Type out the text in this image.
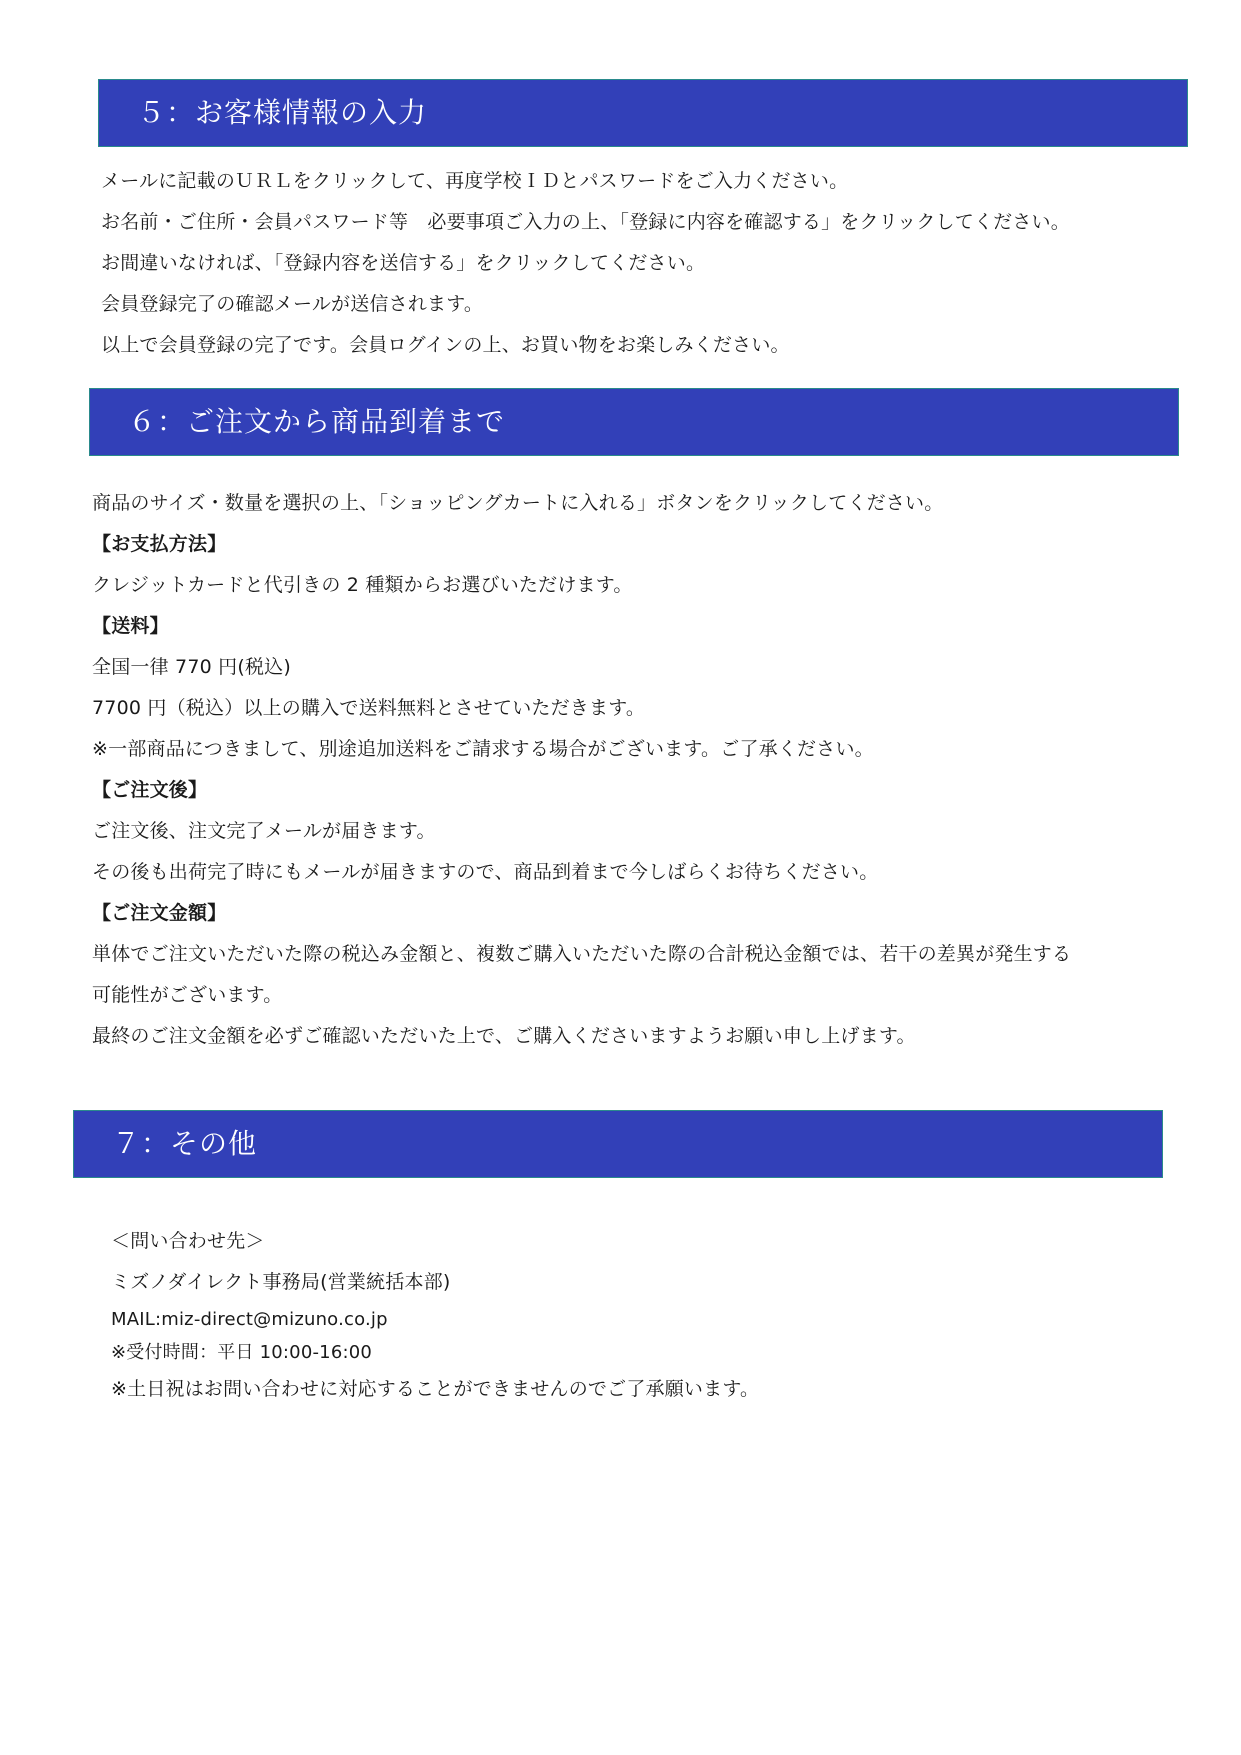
５：お客様情報の入力
メールに記載のＵＲＬをクリックして、再度学校ＩＤとパスワードをご入力ください。
お名前・ご住所・会員パスワード等　必要事項ご入力の上、「登録に内容を確認する」をクリックしてください。
お間違いなければ、「登録内容を送信する」をクリックしてください。
会員登録完了の確認メールが送信されます。
以上で会員登録の完了です。会員ログインの上、お買い物をお楽しみください。
６：ご注文から商品到着まで
商品のサイズ・数量を選択の上、「ショッピングカートに入れる」ボタンをクリックしてください。
【お支払方法】
クレジットカードと代引きの 2 種類からお選びいただけます。
【送料】
全国一律 770 円(税込)
7700 円（税込）以上の購入で送料無料とさせていただきます。
※一部商品につきまして、別途追加送料をご請求する場合がございます。ご了承ください。
【ご注文後】
ご注文後、注文完了メールが届きます。
その後も出荷完了時にもメールが届きますので、商品到着まで今しばらくお待ちください。
【ご注文金額】
単体でご注文いただいた際の税込み金額と、複数ご購入いただいた際の合計税込金額では、若干の差異が発生する
可能性がございます。
最終のご注文金額を必ずご確認いただいた上で、ご購入くださいますようお願い申し上げます。
７：その他
＜問い合わせ先＞
ミズノダイレクト事務局(営業統括本部)
MAIL:miz-direct@mizuno.co.jp
※受付時間：平日 10:00-16:00
※土日祝はお問い合わせに対応することができませんのでご了承願います。
